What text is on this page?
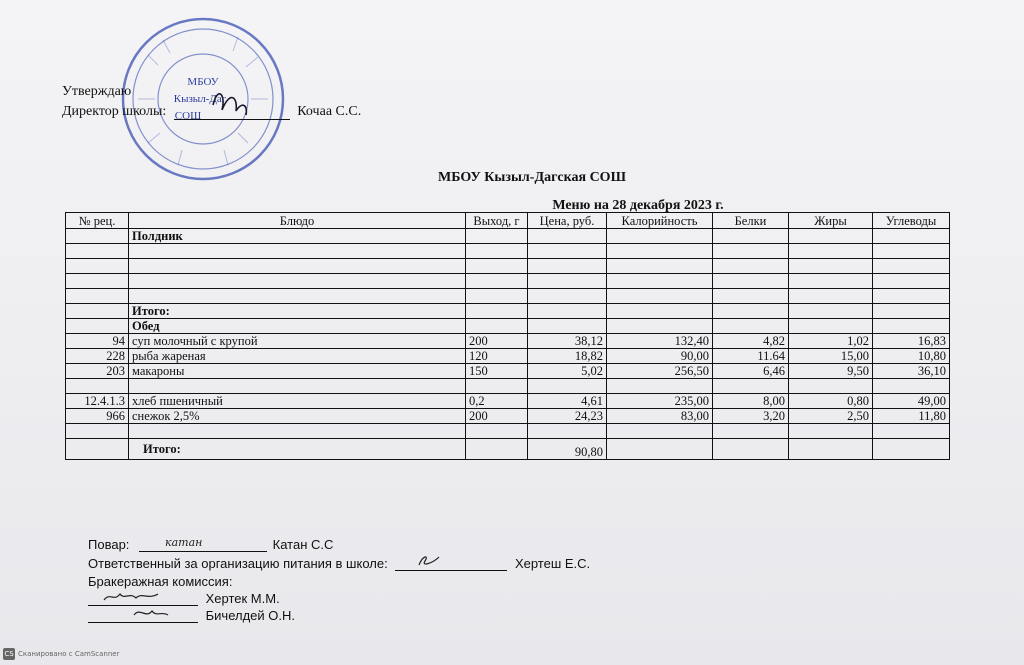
МБОУ
Кызыл-Даг
СОШ
Утверждаю
Директор школы:	Кочаа С.С.
МБОУ Кызыл-Дагская СОШ
Меню на 28 декабря 2023 г.
№ рец.	Блюдо	Выход, г	Цена, руб.	Калорийность	Белки	Жиры	Углеводы
	Полдник						

	Итого:						
	Обед						
94	суп молочный с крупой	200	38,12	132,40	4,82	1,02	16,83
228	рыба жареная	120	18,82	90,00	11.64	15,00	10,80
203	макароны	150	5,02	256,50	6,46	9,50	36,10

12.4.1.3	хлеб пшеничный	0,2	4,61	235,00	8,00	0,80	49,00
966	снежок 2,5%	200	24,23	83,00	3,20	2,50	11,80

	Итого:		90,80				
Повар:	катан	Катан С.С
Ответственный за организацию питания в школе:	Хертеш Е.С.
Бракеражная комиссия:
Хертек М.М.
Бичелдей О.Н.
CS Сканировано с CamScanner
